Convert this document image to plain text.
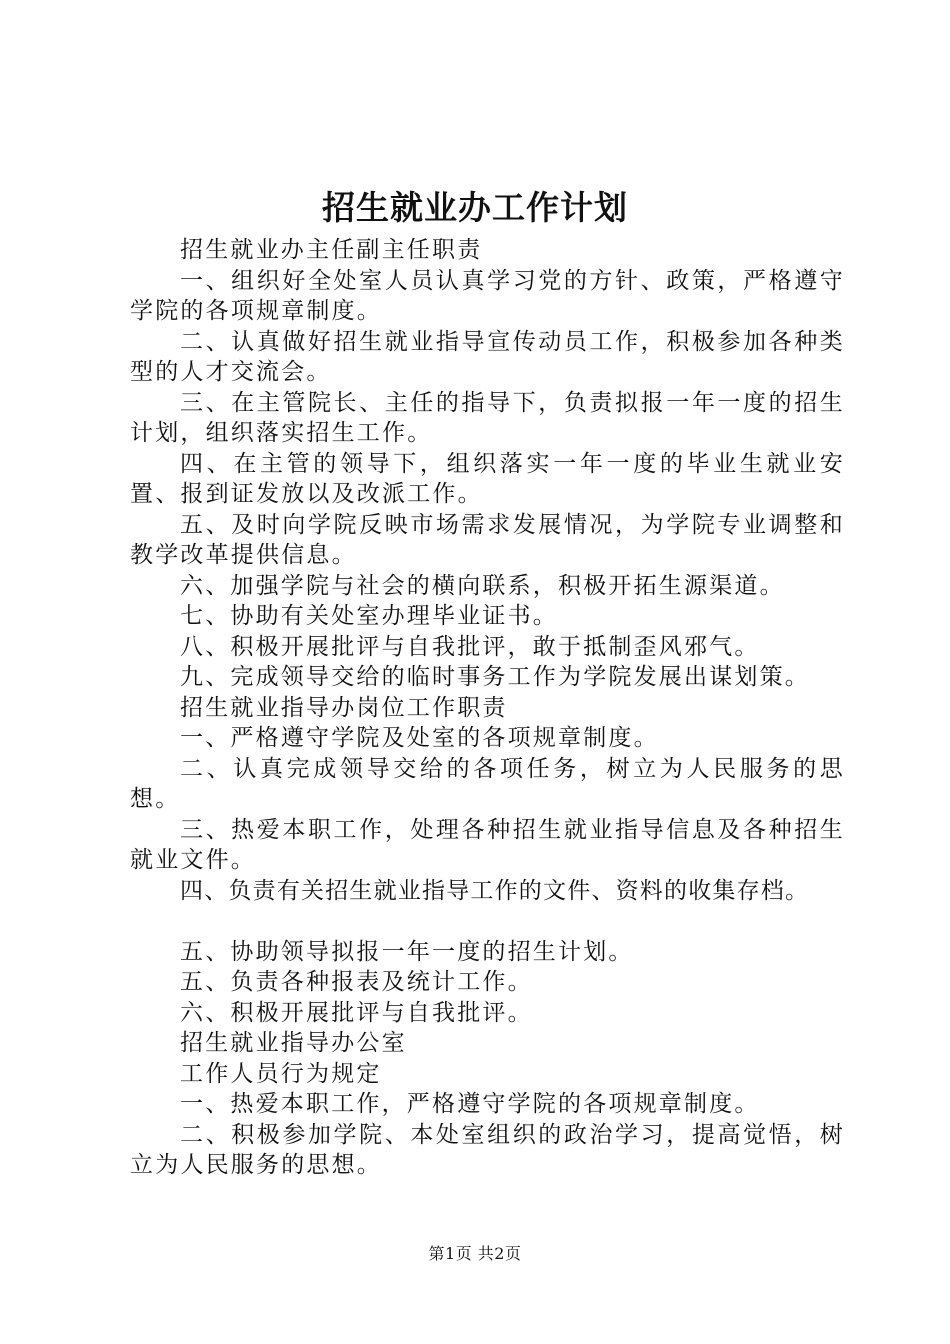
招生就业办工作计划

招生就业办主任副主任职责

一、组织好全处室人员认真学习党的方针、政策，严格遵守学院的各项规章制度。

二、认真做好招生就业指导宣传动员工作，积极参加各种类型的人才交流会。

三、在主管院长、主任的指导下，负责拟报一年一度的招生计划，组织落实招生工作。

四、在主管的领导下，组织落实一年一度的毕业生就业安置、报到证发放以及改派工作。

五、及时向学院反映市场需求发展情况，为学院专业调整和教学改革提供信息。

六、加强学院与社会的横向联系，积极开拓生源渠道。

七、协助有关处室办理毕业证书。

八、积极开展批评与自我批评，敢于抵制歪风邪气。

九、完成领导交给的临时事务工作为学院发展出谋划策。

招生就业指导办岗位工作职责

一、严格遵守学院及处室的各项规章制度。

二、认真完成领导交给的各项任务，树立为人民服务的思想。

三、热爱本职工作，处理各种招生就业指导信息及各种招生就业文件。

四、负责有关招生就业指导工作的文件、资料的收集存档。

五、协助领导拟报一年一度的招生计划。

五、负责各种报表及统计工作。

六、积极开展批评与自我批评。

招生就业指导办公室

工作人员行为规定

一、热爱本职工作，严格遵守学院的各项规章制度。

二、积极参加学院、本处室组织的政治学习，提高觉悟，树立为人民服务的思想。

第1页 共2页
